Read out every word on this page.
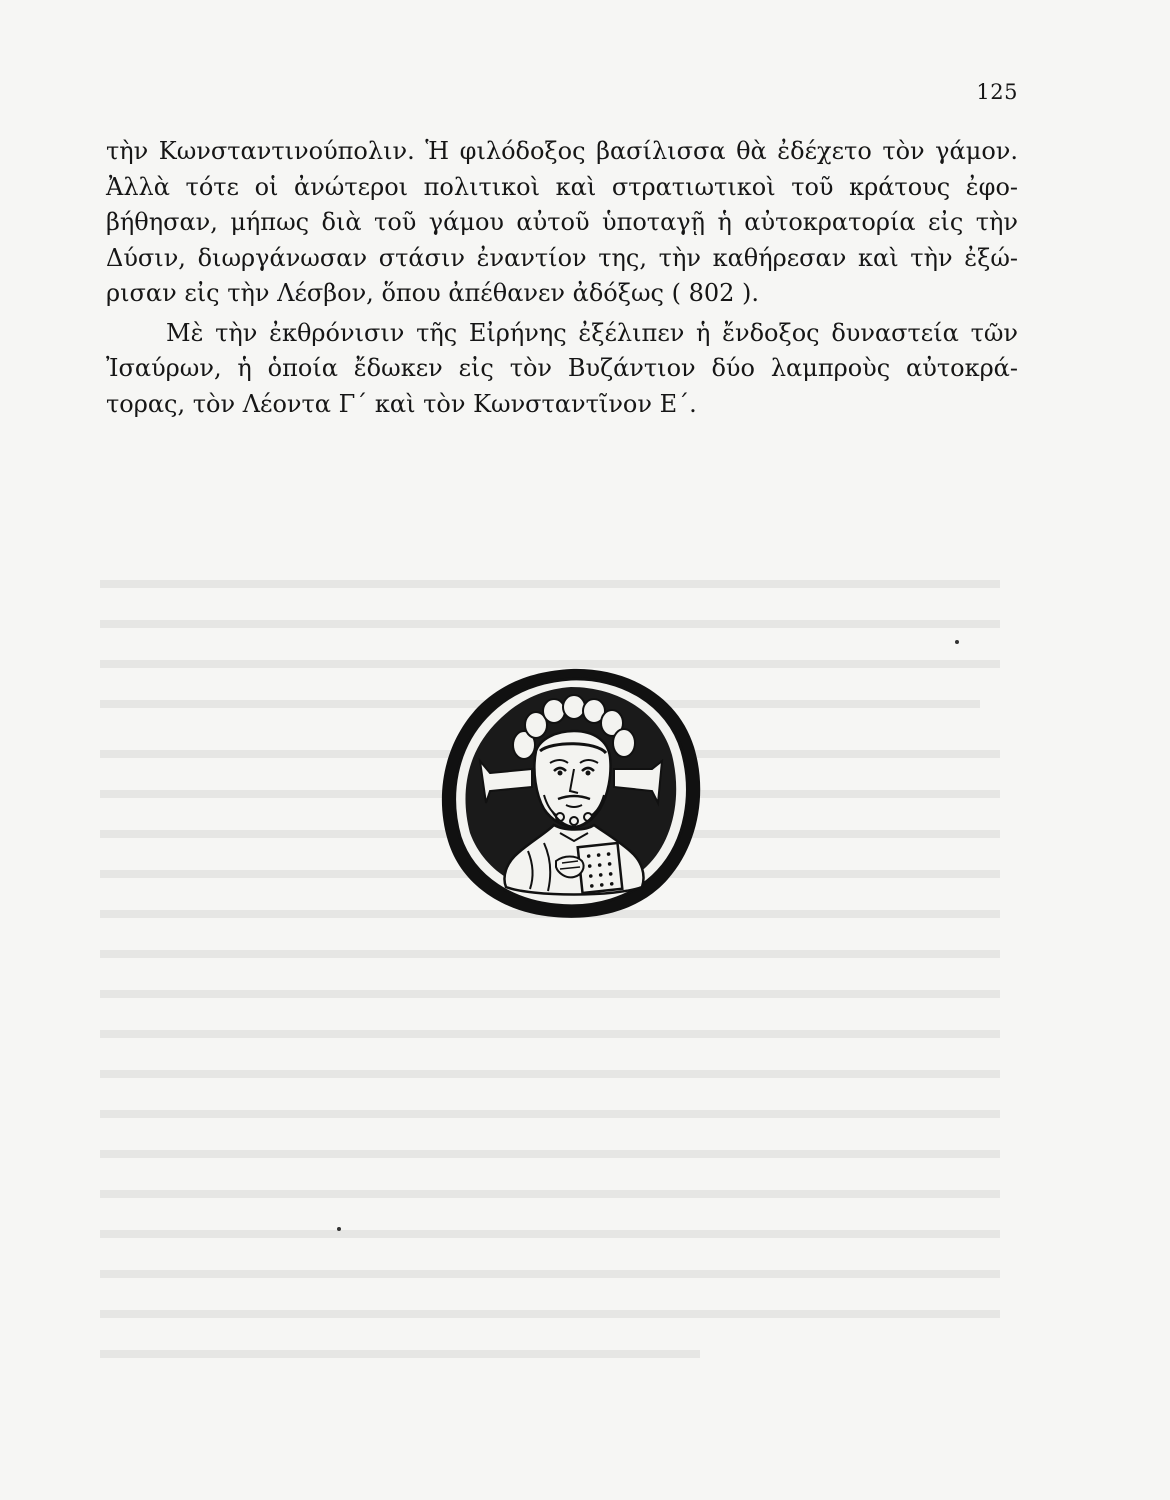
125
τὴν Κωνσταντινούπολιν. Ἡ φιλόδοξος βασίλισσα θὰ ἐδέχετο τὸν γάμον.
Ἀλλὰ τότε οἱ ἀνώτεροι πολιτικοὶ καὶ στρατιωτικοὶ τοῦ κράτους ἐφο-
βήθησαν, μήπως διὰ τοῦ γάμου αὐτοῦ ὑποταγῇ ἡ αὐτοκρατορία εἰς τὴν
Δύσιν, διωργάνωσαν στάσιν ἐναντίον της, τὴν καθήρεσαν καὶ τὴν ἐξώ-
ρισαν εἰς τὴν Λέσβον, ὅπου ἀπέθανεν ἀδόξως ( 802 ).
Μὲ τὴν ἐκθρόνισιν τῆς Εἰρήνης ἐξέλιπεν ἡ ἔνδοξος δυναστεία τῶν
Ἰσαύρων, ἡ ὁποία ἔδωκεν εἰς τὸν Βυζάντιον δύο λαμπροὺς αὐτοκρά-
τορας, τὸν Λέοντα Γ΄ καὶ τὸν Κωνσταντῖνον Ε΄.
